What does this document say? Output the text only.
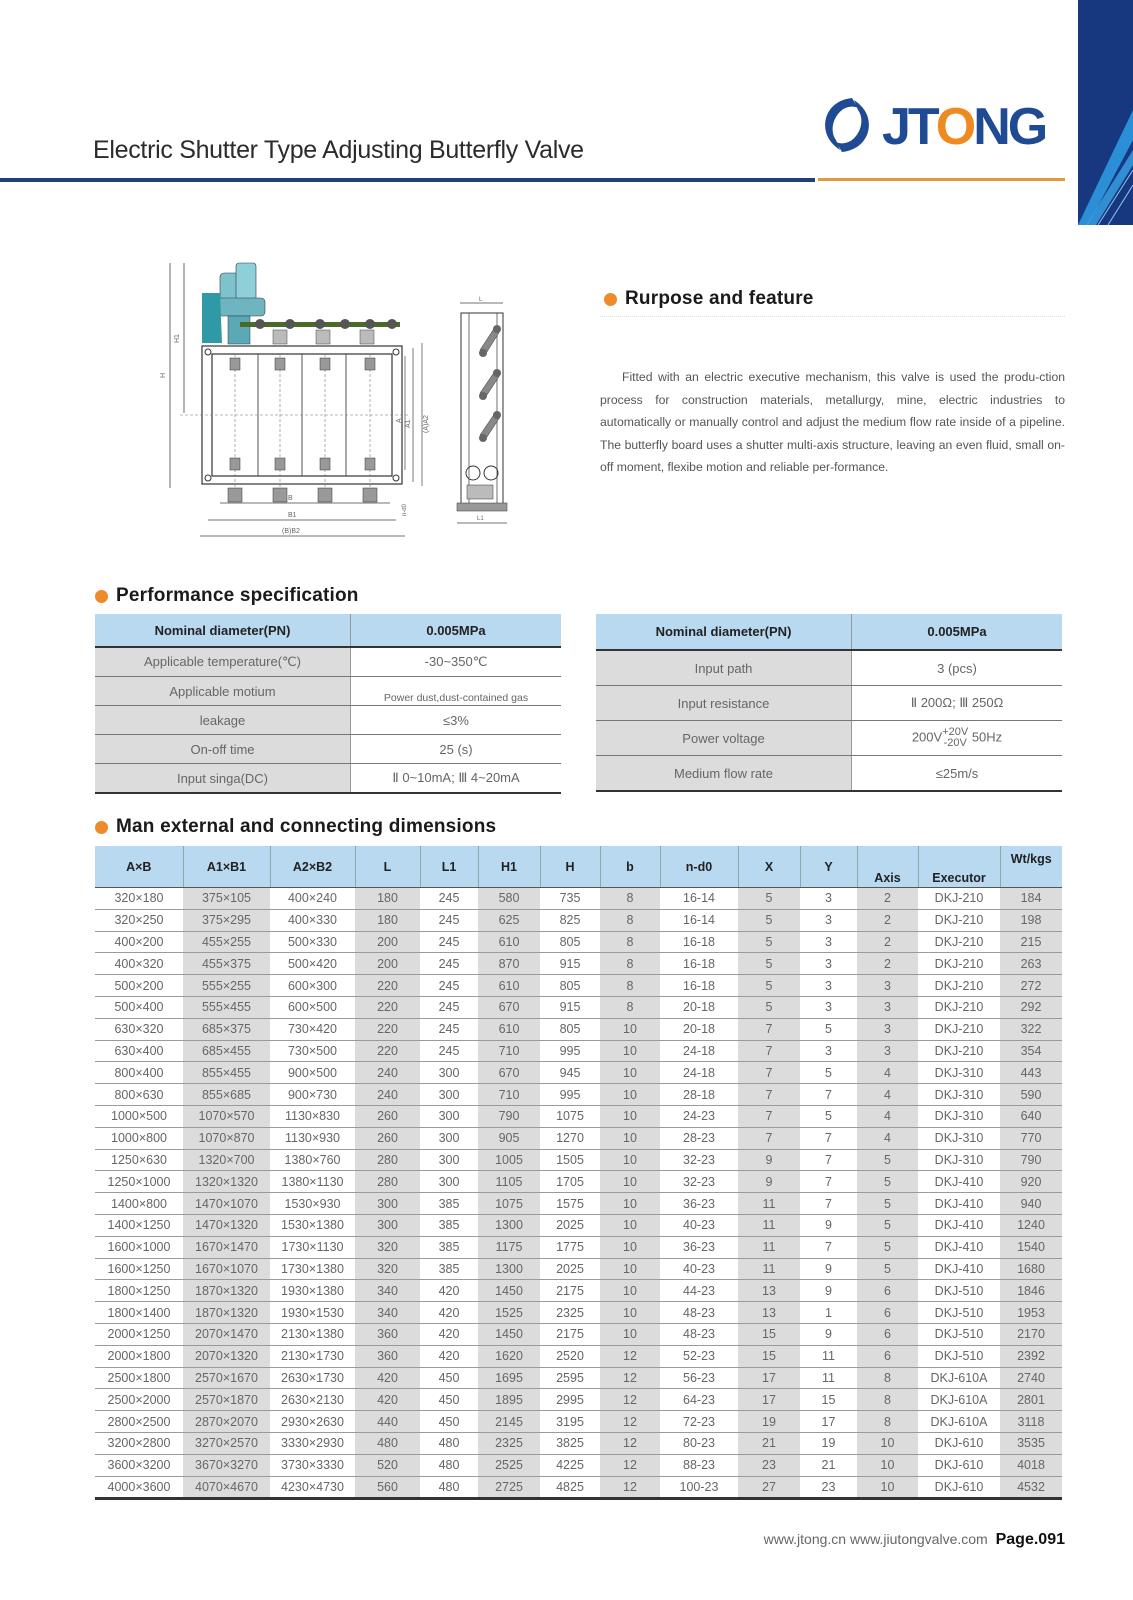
Electric Shutter Type Adjusting Butterfly Valve	JTONG
H
H1
B
B1
(B)B2
A A1 (A)A2
n-d0
L
L1
Rurpose and feature
Fitted with an electric executive mechanism, this valve is used the produ-ction process for construction materials, metallurgy, mine, electric industries to automatically or manually control and adjust the medium flow rate inside of a pipeline. The butterfly board uses a shutter multi-axis structure, leaving an even fluid, small on-off moment, flexibe motion and reliable per-formance.
Performance specification
Nominal diameter(PN)	0.005MPa
Applicable temperature(℃)	-30~350℃
Applicable motium	Power dust,dust-contained gas
leakage	≤3%
On-off time	25 (s)
Input singa(DC)	Ⅱ 0~10mA; Ⅲ 4~20mA
Nominal diameter(PN)	0.005MPa
Input path	3 (pcs)
Input resistance	Ⅱ 200Ω; Ⅲ 250Ω
Power voltage	200V +20V
-20V 50Hz
Medium flow rate	≤25m/s
Man external and connecting dimensions
A×B	A1×B1	A2×B2	L	L1	H1	H	b	n-d0	X	Y	Axis	Executor	Wt/kgs
320×180	375×105	400×240	180	245	580	735	8	16-14	5	3	2	DKJ-210	184
320×250	375×295	400×330	180	245	625	825	8	16-14	5	3	2	DKJ-210	198
400×200	455×255	500×330	200	245	610	805	8	16-18	5	3	2	DKJ-210	215
400×320	455×375	500×420	200	245	870	915	8	16-18	5	3	2	DKJ-210	263
500×200	555×255	600×300	220	245	610	805	8	16-18	5	3	3	DKJ-210	272
500×400	555×455	600×500	220	245	670	915	8	20-18	5	3	3	DKJ-210	292
630×320	685×375	730×420	220	245	610	805	10	20-18	7	5	3	DKJ-210	322
630×400	685×455	730×500	220	245	710	995	10	24-18	7	3	3	DKJ-210	354
800×400	855×455	900×500	240	300	670	945	10	24-18	7	5	4	DKJ-310	443
800×630	855×685	900×730	240	300	710	995	10	28-18	7	7	4	DKJ-310	590
1000×500	1070×570	1130×830	260	300	790	1075	10	24-23	7	5	4	DKJ-310	640
1000×800	1070×870	1130×930	260	300	905	1270	10	28-23	7	7	4	DKJ-310	770
1250×630	1320×700	1380×760	280	300	1005	1505	10	32-23	9	7	5	DKJ-310	790
1250×1000	1320×1320	1380×1130	280	300	1105	1705	10	32-23	9	7	5	DKJ-410	920
1400×800	1470×1070	1530×930	300	385	1075	1575	10	36-23	11	7	5	DKJ-410	940
1400×1250	1470×1320	1530×1380	300	385	1300	2025	10	40-23	11	9	5	DKJ-410	1240
1600×1000	1670×1470	1730×1130	320	385	1175	1775	10	36-23	11	7	5	DKJ-410	1540
1600×1250	1670×1070	1730×1380	320	385	1300	2025	10	40-23	11	9	5	DKJ-410	1680
1800×1250	1870×1320	1930×1380	340	420	1450	2175	10	44-23	13	9	6	DKJ-510	1846
1800×1400	1870×1320	1930×1530	340	420	1525	2325	10	48-23	13	1	6	DKJ-510	1953
2000×1250	2070×1470	2130×1380	360	420	1450	2175	10	48-23	15	9	6	DKJ-510	2170
2000×1800	2070×1320	2130×1730	360	420	1620	2520	12	52-23	15	11	6	DKJ-510	2392
2500×1800	2570×1670	2630×1730	420	450	1695	2595	12	56-23	17	11	8	DKJ-610A	2740
2500×2000	2570×1870	2630×2130	420	450	1895	2995	12	64-23	17	15	8	DKJ-610A	2801
2800×2500	2870×2070	2930×2630	440	450	2145	3195	12	72-23	19	17	8	DKJ-610A	3118
3200×2800	3270×2570	3330×2930	480	480	2325	3825	12	80-23	21	19	10	DKJ-610	3535
3600×3200	3670×3270	3730×3330	520	480	2525	4225	12	88-23	23	21	10	DKJ-610	4018
4000×3600	4070×4670	4230×4730	560	480	2725	4825	12	100-23	27	23	10	DKJ-610	4532
www.jtong.cn www.jiutongvalve.com Page.091
